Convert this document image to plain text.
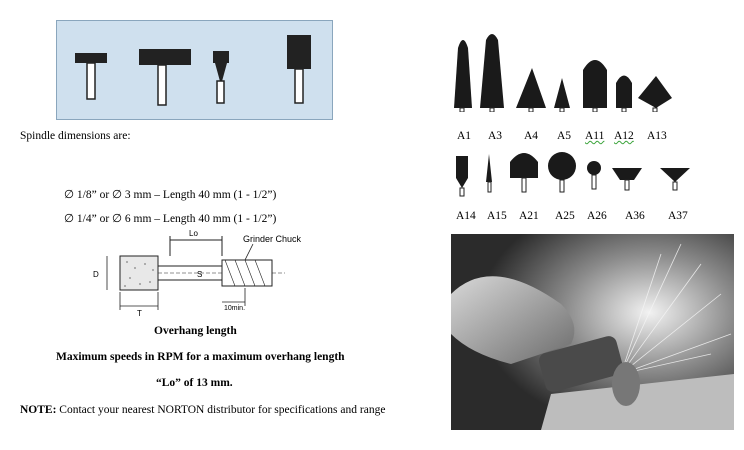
Spindle dimensions are:
∅ 1/8” or ∅ 3 mm – Length 40 mm (1 - 1/2”)
∅ 1/4” or ∅ 6 mm – Length 40 mm (1 - 1/2”)
Lo
Grinder Chuck
D	S
T
10min.
Overhang length
Maximum speeds in RPM for a maximum overhang length
“Lo” of 13 mm.
NOTE: Contact your nearest NORTON distributor for specifications and range
A1 A3 A4 A5 A11 A12 A13
A14 A15 A21 A25 A26 A36 A37
